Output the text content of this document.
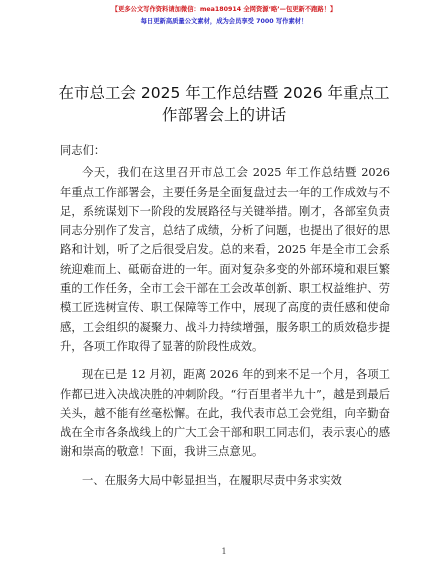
【更多公文写作资料请加微信：mea180914 全网资源‘略’—包更新不跑路！】
每日更新高质量公文素材，成为会员享受 7000 写作素材！
在市总工会 2025 年工作总结暨 2026 年重点工作部署会上的讲话

同志们：

今天，我们在这里召开市总工会 2025 年工作总结暨 2026 年重点工作部署会，主要任务是全面复盘过去一年的工作成效与不足，系统谋划下一阶段的发展路径与关键举措。刚才，各部室负责同志分别作了发言，总结了成绩，分析了问题，也提出了很好的思路和计划，听了之后很受启发。总的来看，2025 年是全市工会系统迎难而上、砥砺奋进的一年。面对复杂多变的外部环境和艰巨繁重的工作任务，全市工会干部在工会改革创新、职工权益维护、劳模工匠选树宣传、职工保障等工作中，展现了高度的责任感和使命感，工会组织的凝聚力、战斗力持续增强，服务职工的质效稳步提升，各项工作取得了显著的阶段性成效。

现在已是 12 月初，距离 2026 年的到来不足一个月，各项工作都已进入决战决胜的冲刺阶段。“行百里者半九十”，越是到最后关头，越不能有丝毫松懈。在此，我代表市总工会党组，向辛勤奋战在全市各条战线上的广大工会干部和职工同志们，表示衷心的感谢和崇高的敬意！下面，我讲三点意见。

一、在服务大局中彰显担当，在履职尽责中务求实效

1
